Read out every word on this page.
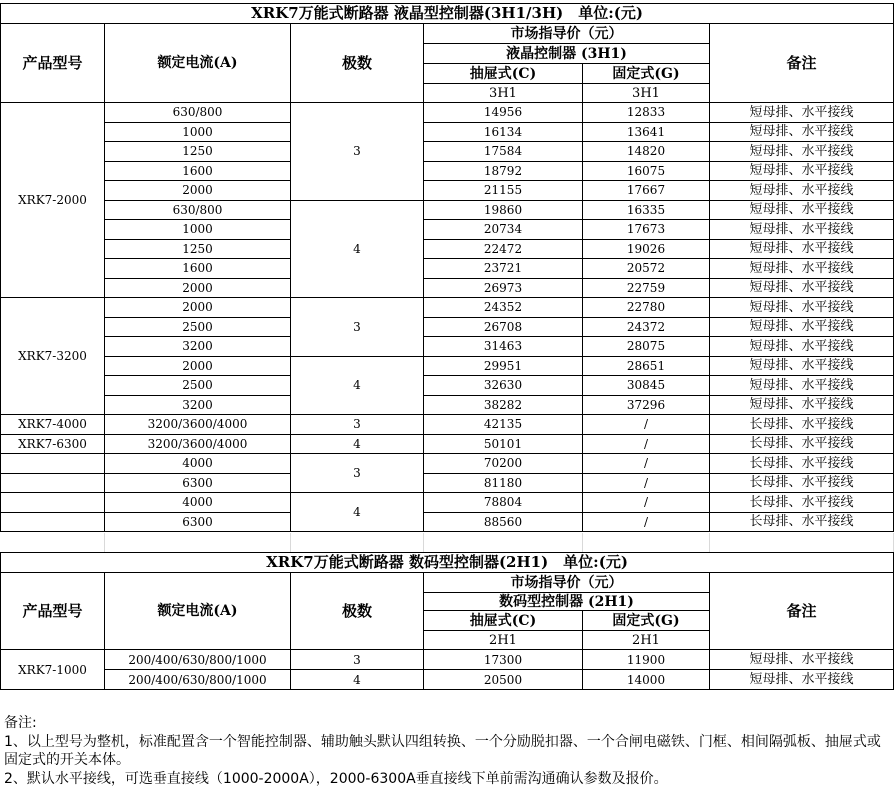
XRK7万能式断路器 液晶型控制器(3H1/3H)　单位:(元)					
产品型号	额定电流(A)	极数	市场指导价（元）		备注
			液晶控制器 (3H1)		
			抽屉式(C)	固定式(G)	
			3H1	3H1	
XRK7-2000	630/800	3	14956	12833	短母排、水平接线
	1000		16134	13641	短母排、水平接线
	1250		17584	14820	短母排、水平接线
	1600		18792	16075	短母排、水平接线
	2000		21155	17667	短母排、水平接线
	630/800	4	19860	16335	短母排、水平接线
	1000		20734	17673	短母排、水平接线
	1250		22472	19026	短母排、水平接线
	1600		23721	20572	短母排、水平接线
	2000		26973	22759	短母排、水平接线
XRK7-3200	2000	3	24352	22780	短母排、水平接线
	2500		26708	24372	短母排、水平接线
	3200		31463	28075	短母排、水平接线
	2000	4	29951	28651	短母排、水平接线
	2500		32630	30845	短母排、水平接线
	3200		38282	37296	短母排、水平接线
XRK7-4000	3200/3600/4000	3	42135	/	长母排、水平接线
XRK7-6300	3200/3600/4000	4	50101	/	长母排、水平接线
	4000	3	70200	/	长母排、水平接线
	6300		81180	/	长母排、水平接线
	4000	4	78804	/	长母排、水平接线
	6300		88560	/	长母排、水平接线
XRK7万能式断路器 数码型控制器(2H1)　单位:(元)					
产品型号	额定电流(A)	极数	市场指导价（元）		备注
			数码型控制器 (2H1)		
			抽屉式(C)	固定式(G)	
			2H1	2H1	
XRK7-1000	200/400/630/800/1000	3	17300	11900	短母排、水平接线
	200/400/630/800/1000	4	20500	14000	短母排、水平接线
备注:
1、以上型号为整机，标准配置含一个智能控制器、辅助触头默认四组转换、一个分励脱扣器、一个合闸电磁铁、门框、相间隔弧板、抽屉式或固定式的开关本体。
2、默认水平接线，可选垂直接线（1000-2000A），2000-6300A垂直接线下单前需沟通确认参数及报价。
